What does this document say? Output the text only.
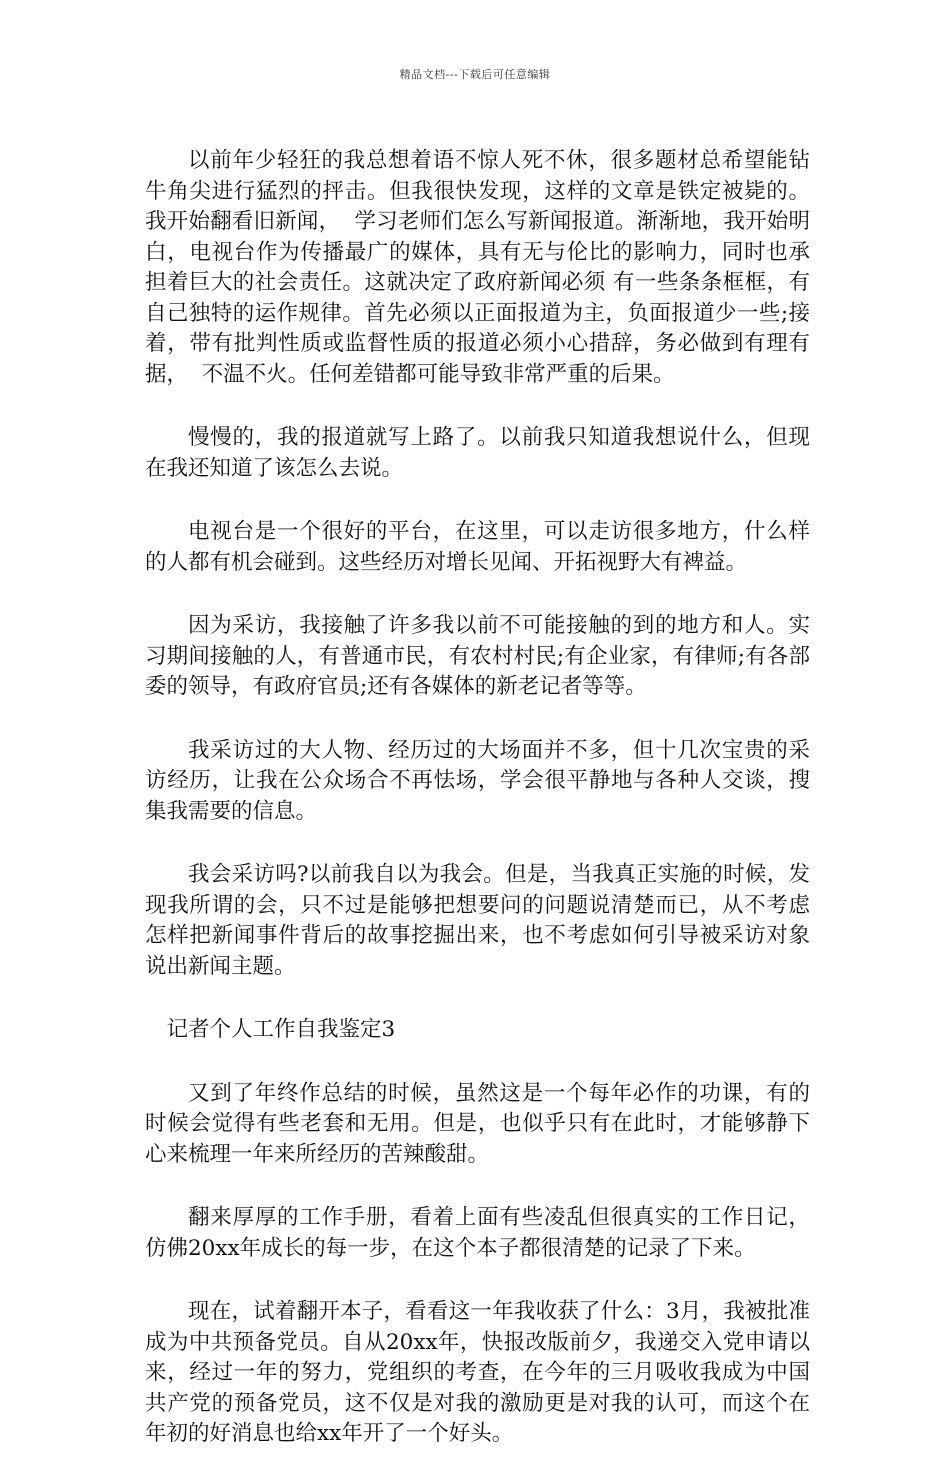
精品文档---下载后可任意编辑

以前年少轻狂的我总想着语不惊人死不休，很多题材总希望能钻牛角尖进行猛烈的抨击。但我很快发现，这样的文章是铁定被毙的。我开始翻看旧新闻，  学习老师们怎么写新闻报道。渐渐地，我开始明白，电视台作为传播最广的媒体，具有无与伦比的影响力，同时也承担着巨大的社会责任。这就决定了政府新闻必须 有一些条条框框，有自己独特的运作规律。首先必须以正面报道为主，负面报道少一些;接着，带有批判性质或监督性质的报道必须小心措辞，务必做到有理有据，  不温不火。任何差错都可能导致非常严重的后果。

慢慢的，我的报道就写上路了。以前我只知道我想说什么，但现在我还知道了该怎么去说。

电视台是一个很好的平台，在这里，可以走访很多地方，什么样的人都有机会碰到。这些经历对增长见闻、开拓视野大有裨益。

因为采访，我接触了许多我以前不可能接触的到的地方和人。实习期间接触的人，有普通市民，有农村村民;有企业家，有律师;有各部委的领导，有政府官员;还有各媒体的新老记者等等。

我采访过的大人物、经历过的大场面并不多，但十几次宝贵的采访经历，让我在公众场合不再怯场，学会很平静地与各种人交谈，搜集我需要的信息。

我会采访吗?以前我自以为我会。但是，当我真正实施的时候，发现我所谓的会，只不过是能够把想要问的问题说清楚而已，从不考虑怎样把新闻事件背后的故事挖掘出来，也不考虑如何引导被采访对象说出新闻主题。

记者个人工作自我鉴定3

又到了年终作总结的时候，虽然这是一个每年必作的功课，有的时候会觉得有些老套和无用。但是，也似乎只有在此时，才能够静下心来梳理一年来所经历的苦辣酸甜。

翻来厚厚的工作手册，看着上面有些凌乱但很真实的工作日记，仿佛20xx年成长的每一步，在这个本子都很清楚的记录了下来。

现在，试着翻开本子，看看这一年我收获了什么：3月，我被批准成为中共预备党员。自从20xx年，快报改版前夕，我递交入党申请以来，经过一年的努力，党组织的考查，在今年的三月吸收我成为中国共产党的预备党员，这不仅是对我的激励更是对我的认可，而这个在年初的好消息也给xx年开了一个好头。
